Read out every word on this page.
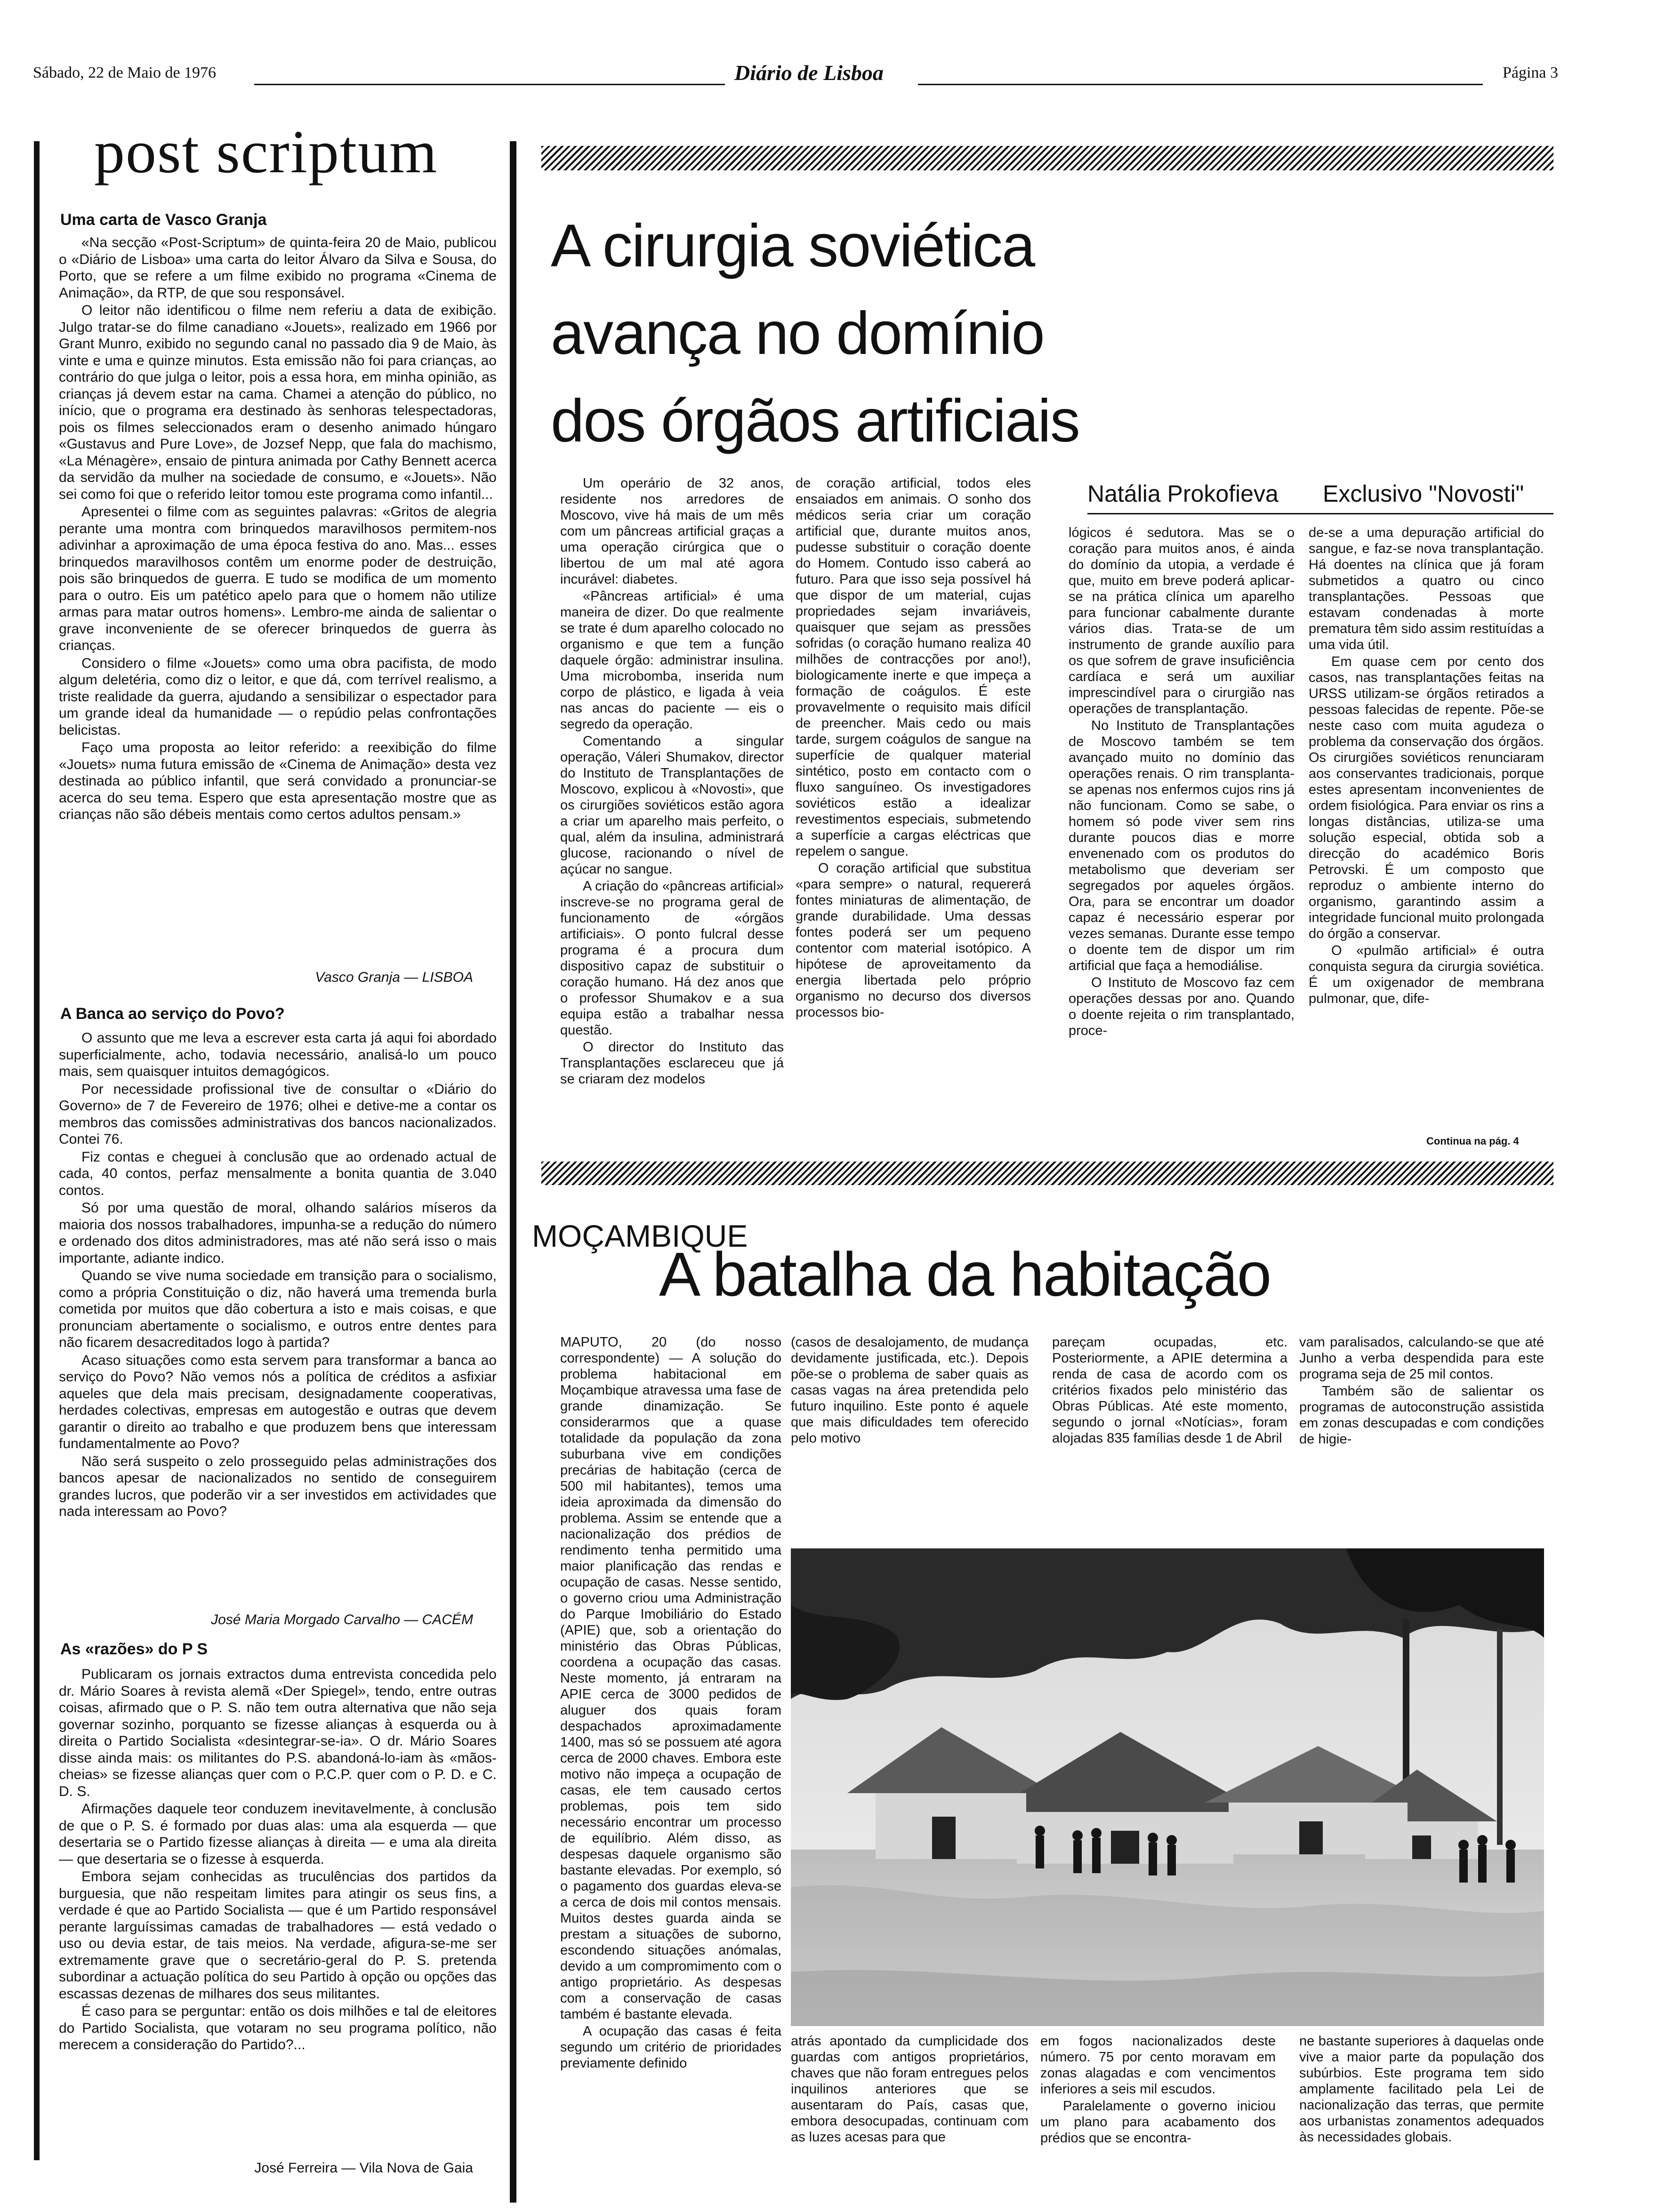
Sábado, 22 de Maio de 1976	Diário de Lisboa	Página 3
post scriptum
Uma carta de Vasco Granja

«Na secção «Post-Scriptum» de quinta-feira 20 de Maio, publicou o «Diário de Lisboa» uma carta do leitor Álvaro da Silva e Sousa, do Porto, que se refere a um filme exibido no programa «Cinema de Animação», da RTP, de que sou responsável.

O leitor não identificou o filme nem referiu a data de exibição. Julgo tratar-se do filme canadiano «Jouets», realizado em 1966 por Grant Munro, exibido no segundo canal no passado dia 9 de Maio, às vinte e uma e quinze minutos. Esta emissão não foi para crianças, ao contrário do que julga o leitor, pois a essa hora, em minha opinião, as crianças já devem estar na cama. Chamei a atenção do público, no início, que o programa era destinado às senhoras telespectadoras, pois os filmes seleccionados eram o desenho animado húngaro «Gustavus and Pure Love», de Jozsef Nepp, que fala do machismo, «La Ménagère», ensaio de pintura animada por Cathy Bennett acerca da servidão da mulher na sociedade de consumo, e «Jouets». Não sei como foi que o referido leitor tomou este programa como infantil...

Apresentei o filme com as seguintes palavras: «Gritos de alegria perante uma montra com brinquedos maravilhosos permitem-nos adivinhar a aproximação de uma época festiva do ano. Mas... esses brinquedos maravilhosos contêm um enorme poder de destruição, pois são brinquedos de guerra. E tudo se modifica de um momento para o outro. Eis um patético apelo para que o homem não utilize armas para matar outros homens». Lembro-me ainda de salientar o grave inconveniente de se oferecer brinquedos de guerra às crianças.

Considero o filme «Jouets» como uma obra pacifista, de modo algum deletéria, como diz o leitor, e que dá, com terrível realismo, a triste realidade da guerra, ajudando a sensibilizar o espectador para um grande ideal da humanidade — o repúdio pelas confrontações belicistas.

Faço uma proposta ao leitor referido: a reexibição do filme «Jouets» numa futura emissão de «Cinema de Animação» desta vez destinada ao público infantil, que será convidado a pronunciar-se acerca do seu tema. Espero que esta apresentação mostre que as crianças não são débeis mentais como certos adultos pensam.»

Vasco Granja — LISBOA
A Banca ao serviço do Povo?

O assunto que me leva a escrever esta carta já aqui foi abordado superficialmente, acho, todavia necessário, analisá-lo um pouco mais, sem quaisquer intuitos demagógicos.

Por necessidade profissional tive de consultar o «Diário do Governo» de 7 de Fevereiro de 1976; olhei e detive-me a contar os membros das comissões administrativas dos bancos nacionalizados. Contei 76.

Fiz contas e cheguei à conclusão que ao ordenado actual de cada, 40 contos, perfaz mensalmente a bonita quantia de 3.040 contos.

Só por uma questão de moral, olhando salários míseros da maioria dos nossos trabalhadores, impunha-se a redução do número e ordenado dos ditos administradores, mas até não será isso o mais importante, adiante indico.

Quando se vive numa sociedade em transição para o socialismo, como a própria Constituição o diz, não haverá uma tremenda burla cometida por muitos que dão cobertura a isto e mais coisas, e que pronunciam abertamente o socialismo, e outros entre dentes para não ficarem desacreditados logo à partida?

Acaso situações como esta servem para transformar a banca ao serviço do Povo? Não vemos nós a política de créditos a asfixiar aqueles que dela mais precisam, designadamente cooperativas, herdades colectivas, empresas em autogestão e outras que devem garantir o direito ao trabalho e que produzem bens que interessam fundamentalmente ao Povo?

Não será suspeito o zelo prosseguido pelas administrações dos bancos apesar de nacionalizados no sentido de conseguirem grandes lucros, que poderão vir a ser investidos em actividades que nada interessam ao Povo?

José Maria Morgado Carvalho — CACÉM
As «razões» do P S

Publicaram os jornais extractos duma entrevista concedida pelo dr. Mário Soares à revista alemã «Der Spiegel», tendo, entre outras coisas, afirmado que o P. S. não tem outra alternativa que não seja governar sozinho, porquanto se fizesse alianças à esquerda ou à direita o Partido Socialista «desintegrar-se-ia». O dr. Mário Soares disse ainda mais: os militantes do P.S. abandoná-lo-iam às «mãos-cheias» se fizesse alianças quer com o P.C.P. quer com o P. D. e C. D. S.

Afirmações daquele teor conduzem inevitavelmente, à conclusão de que o P. S. é formado por duas alas: uma ala esquerda — que desertaria se o Partido fizesse alianças à direita — e uma ala direita — que desertaria se o fizesse à esquerda.

Embora sejam conhecidas as truculências dos partidos da burguesia, que não respeitam limites para atingir os seus fins, a verdade é que ao Partido Socialista — que é um Partido responsável perante larguíssimas camadas de trabalhadores — está vedado o uso ou devia estar, de tais meios. Na verdade, afigura-se-me ser extremamente grave que o secretário-geral do P. S. pretenda subordinar a actuação política do seu Partido à opção ou opções das escassas dezenas de milhares dos seus militantes.

É caso para se perguntar: então os dois milhões e tal de eleitores do Partido Socialista, que votaram no seu programa político, não merecem a consideração do Partido?...

José Ferreira — Vila Nova de Gaia
A cirurgia soviética
avança no domínio
dos órgãos artificiais
Natália Prokofieva Exclusivo "Novosti"

Um operário de 32 anos, residente nos arredores de Moscovo, vive há mais de um mês com um pâncreas artificial graças a uma operação cirúrgica que o libertou de um mal até agora incurável: diabetes.

«Pâncreas artificial» é uma maneira de dizer. Do que realmente se trate é dum aparelho colocado no organismo e que tem a função daquele órgão: administrar insulina. Uma microbomba, inserida num corpo de plástico, e ligada à veia nas ancas do paciente — eis o segredo da operação.

Comentando a singular operação, Váleri Shumakov, director do Instituto de Transplantações de Moscovo, explicou à «Novosti», que os cirurgiões soviéticos estão agora a criar um aparelho mais perfeito, o qual, além da insulina, administrará glucose, racionando o nível de açúcar no sangue.

A criação do «pâncreas artificial» inscreve-se no programa geral de funcionamento de «órgãos artificiais». O ponto fulcral desse programa é a procura dum dispositivo capaz de substituir o coração humano. Há dez anos que o professor Shumakov e a sua equipa estão a trabalhar nessa questão.

O director do Instituto das Transplantações esclareceu que já se criaram dez modelos

de coração artificial, todos eles ensaiados em animais. O sonho dos médicos seria criar um coração artificial que, durante muitos anos, pudesse substituir o coração doente do Homem. Contudo isso caberá ao futuro. Para que isso seja possível há que dispor de um material, cujas propriedades sejam invariáveis, quaisquer que sejam as pressões sofridas (o coração humano realiza 40 milhões de contracções por ano!), biologicamente inerte e que impeça a formação de coágulos. É este provavelmente o requisito mais difícil de preencher. Mais cedo ou mais tarde, surgem coágulos de sangue na superfície de qualquer material sintético, posto em contacto com o fluxo sanguíneo. Os investigadores soviéticos estão a idealizar revestimentos especiais, submetendo a superfície a cargas eléctricas que repelem o sangue.

O coração artificial que substitua «para sempre» o natural, requererá fontes miniaturas de alimentação, de grande durabilidade. Uma dessas fontes poderá ser um pequeno contentor com material isotópico. A hipótese de aproveitamento da energia libertada pelo próprio organismo no decurso dos diversos processos bio-

lógicos é sedutora. Mas se o coração para muitos anos, é ainda do domínio da utopia, a verdade é que, muito em breve poderá aplicar-se na prática clínica um aparelho para funcionar cabalmente durante vários dias. Trata-se de um instrumento de grande auxílio para os que sofrem de grave insuficiência cardíaca e será um auxiliar imprescindível para o cirurgião nas operações de transplantação.

No Instituto de Transplantações de Moscovo também se tem avançado muito no domínio das operações renais. O rim transplanta-se apenas nos enfermos cujos rins já não funcionam. Como se sabe, o homem só pode viver sem rins durante poucos dias e morre envenenado com os produtos do metabolismo que deveriam ser segregados por aqueles órgãos. Ora, para se encontrar um doador capaz é necessário esperar por vezes semanas. Durante esse tempo o doente tem de dispor um rim artificial que faça a hemodiálise.

O Instituto de Moscovo faz cem operações dessas por ano. Quando o doente rejeita o rim transplantado, proce-

de-se a uma depuração artificial do sangue, e faz-se nova transplantação. Há doentes na clínica que já foram submetidos a quatro ou cinco transplantações. Pessoas que estavam condenadas à morte prematura têm sido assim restituídas a uma vida útil.

Em quase cem por cento dos casos, nas transplantações feitas na URSS utilizam-se órgãos retirados a pessoas falecidas de repente. Põe-se neste caso com muita agudeza o problema da conservação dos órgãos. Os cirurgiões soviéticos renunciaram aos conservantes tradicionais, porque estes apresentam inconvenientes de ordem fisiológica. Para enviar os rins a longas distâncias, utiliza-se uma solução especial, obtida sob a direcção do académico Boris Petrovski. É um composto que reproduz o ambiente interno do organismo, garantindo assim a integridade funcional muito prolongada do órgão a conservar.

O «pulmão artificial» é outra conquista segura da cirurgia soviética. É um oxigenador de membrana pulmonar, que, dife-

Continua na pág. 4
MOÇAMBIQUE
A batalha da habitação

MAPUTO, 20 (do nosso correspondente) — A solução do problema habitacional em Moçambique atravessa uma fase de grande dinamização. Se considerarmos que a quase totalidade da população da zona suburbana vive em condições precárias de habitação (cerca de 500 mil habitantes), temos uma ideia aproximada da dimensão do problema. Assim se entende que a nacionalização dos prédios de rendimento tenha permitido uma maior planificação das rendas e ocupação de casas. Nesse sentido, o governo criou uma Administração do Parque Imobiliário do Estado (APIE) que, sob a orientação do ministério das Obras Públicas, coordena a ocupação das casas. Neste momento, já entraram na APIE cerca de 3000 pedidos de aluguer dos quais foram despachados aproximadamente 1400, mas só se possuem até agora cerca de 2000 chaves. Embora este motivo não impeça a ocupação de casas, ele tem causado certos problemas, pois tem sido necessário encontrar um processo de equilíbrio. Além disso, as despesas daquele organismo são bastante elevadas. Por exemplo, só o pagamento dos guardas eleva-se a cerca de dois mil contos mensais. Muitos destes guarda ainda se prestam a situações de suborno, escondendo situações anómalas, devido a um compromimento com o antigo proprietário. As despesas com a conservação de casas também é bastante elevada.

A ocupação das casas é feita segundo um critério de prioridades previamente definido

(casos de desalojamento, de mudança devidamente justificada, etc.). Depois põe-se o problema de saber quais as casas vagas na área pretendida pelo futuro inquilino. Este ponto é aquele que mais dificuldades tem oferecido pelo motivo

pareçam ocupadas, etc. Posteriormente, a APIE determina a renda de casa de acordo com os critérios fixados pelo ministério das Obras Públicas. Até este momento, segundo o jornal «Notícias», foram alojadas 835 famílias desde 1 de Abril

vam paralisados, calculando-se que até Junho a verba despendida para este programa seja de 25 mil contos.

Também são de salientar os programas de autoconstrução assistida em zonas descupadas e com condições de higie-

atrás apontado da cumplicidade dos guardas com antigos proprietários, chaves que não foram entregues pelos inquilinos anteriores que se ausentaram do País, casas que, embora desocupadas, continuam com as luzes acesas para que

em fogos nacionalizados deste número. 75 por cento moravam em zonas alagadas e com vencimentos inferiores a seis mil escudos.

Paralelamente o governo iniciou um plano para acabamento dos prédios que se encontra-

ne bastante superiores à daquelas onde vive a maior parte da população dos subúrbios. Este programa tem sido amplamente facilitado pela Lei de nacionalização das terras, que permite aos urbanistas zonamentos adequados às necessidades globais.
